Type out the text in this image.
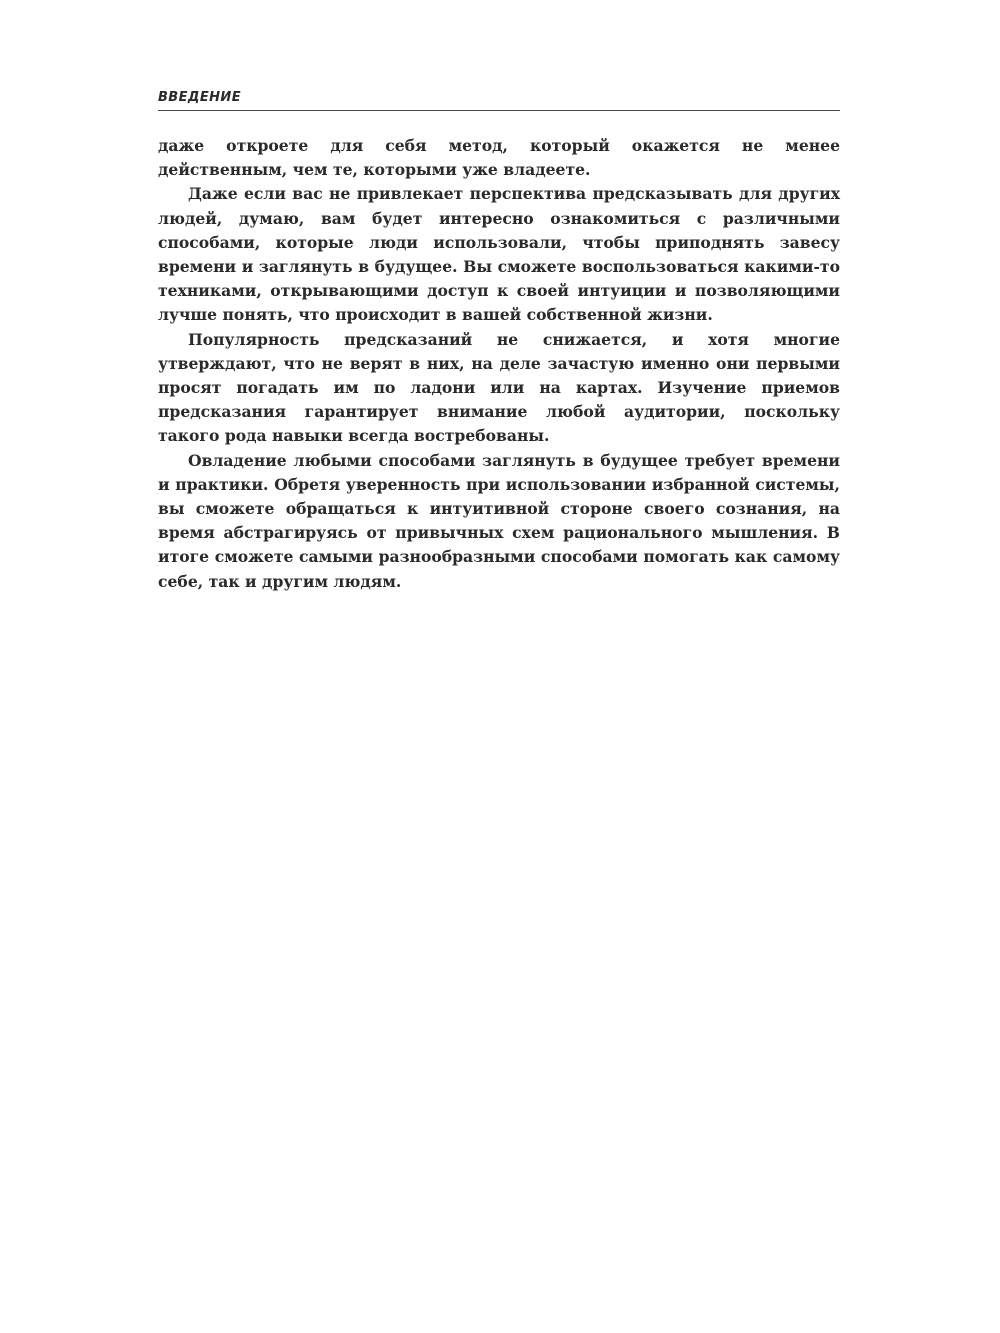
ВВЕДЕНИЕ

даже откроете для себя метод, который окажется не менее действенным, чем те, которыми уже владеете.

Даже если вас не привлекает перспектива предсказывать для других людей, думаю, вам будет интересно ознакомиться с различными способами, которые люди использовали, чтобы приподнять завесу времени и заглянуть в будущее. Вы сможете воспользоваться какими-то техниками, открывающими доступ к своей интуиции и позволяющими лучше понять, что происходит в вашей собственной жизни.

Популярность предсказаний не снижается, и хотя многие утверждают, что не верят в них, на деле зачастую именно они первыми просят погадать им по ладони или на картах. Изучение приемов предсказания гарантирует внимание любой аудитории, поскольку такого рода навыки всегда востребованы.

Овладение любыми способами заглянуть в будущее требует времени и практики. Обретя уверенность при использовании избранной системы, вы сможете обращаться к интуитивной стороне своего сознания, на время абстрагируясь от привычных схем рационального мышления. В итоге сможете самыми разнообразными способами помогать как самому себе, так и другим людям.
